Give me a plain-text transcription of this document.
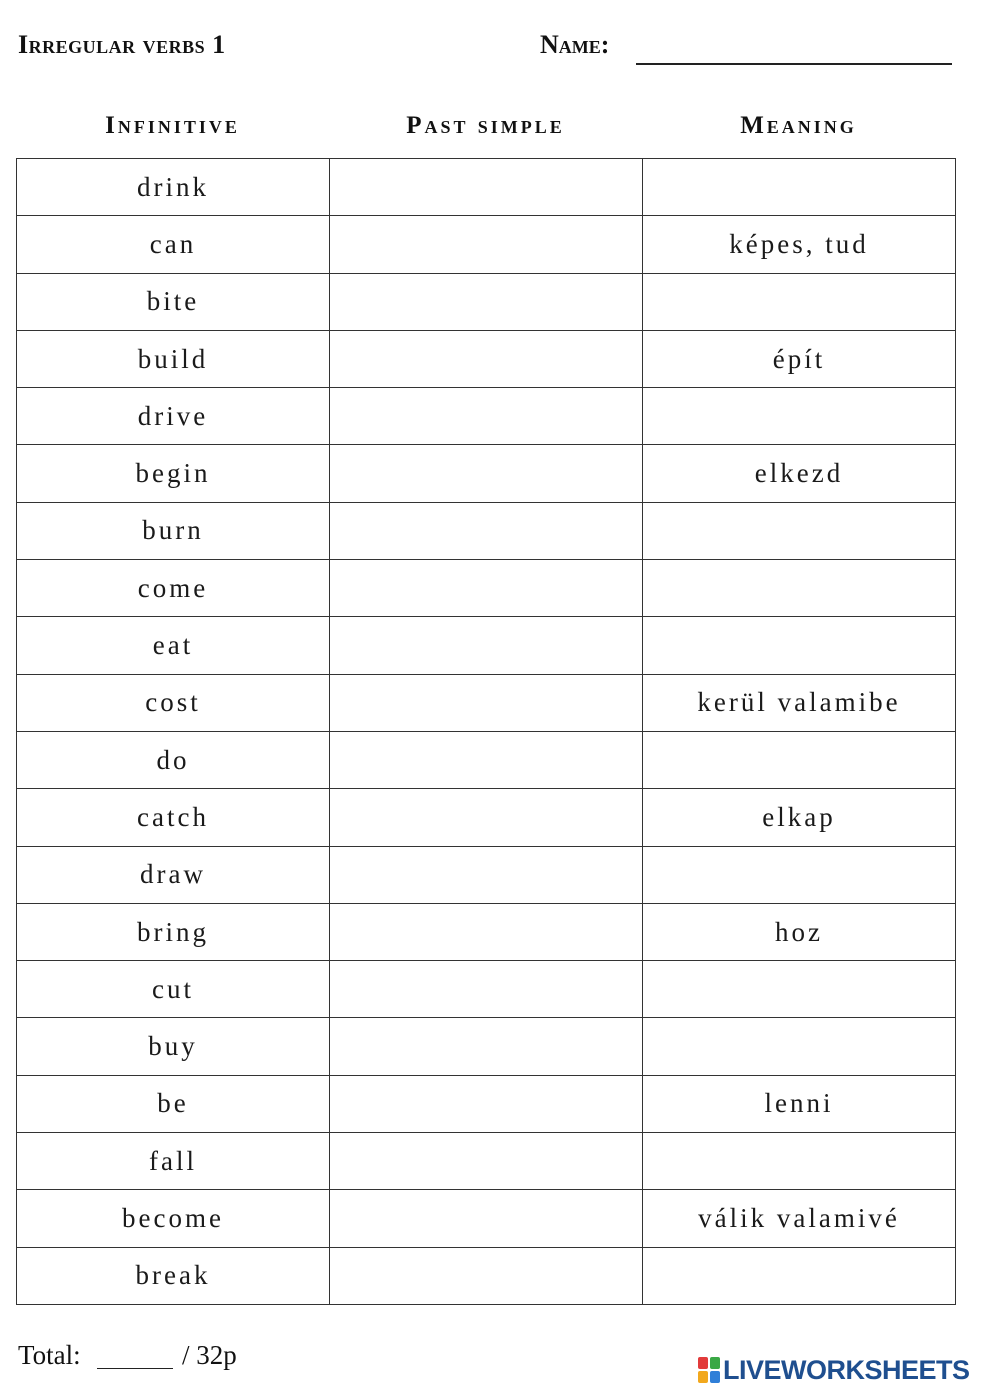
Irregular verbs 1	Name:
Infinitive	Past simple	Meaning
drink		
can		képes, tud
bite		
build		épít
drive		
begin		elkezd
burn		
come		
eat		
cost		kerül valamibe
do		
catch		elkap
draw		
bring		hoz
cut		
buy		
be		lenni
fall		
become		válik valamivé
break		
Total:	/ 32p	LIVEWORKSHEETS
